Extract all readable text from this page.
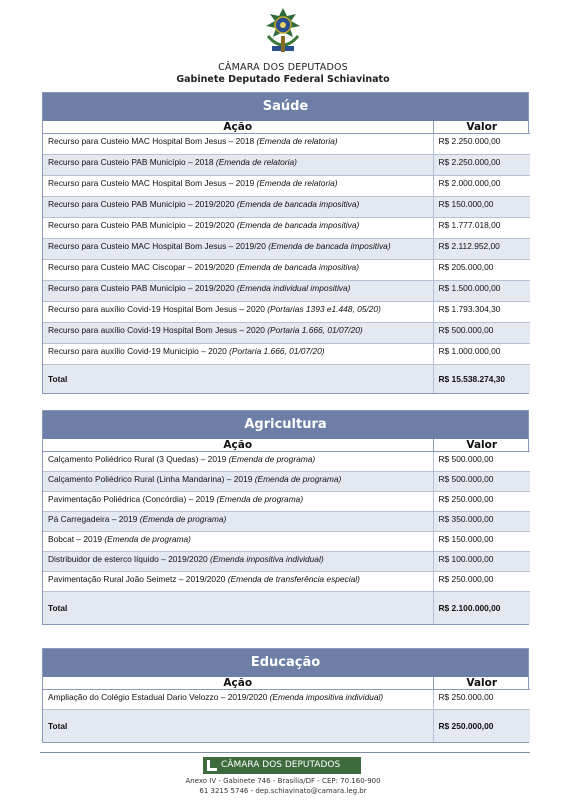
CÂMARA DOS DEPUTADOS
Gabinete Deputado Federal Schiavinato
Saúde
Ação	Valor
Recurso para Custeio MAC Hospital Bom Jesus – 2018 (Emenda de relatoria)	R$ 2.250.000,00
Recurso para Custeio PAB Município – 2018 (Emenda de relatoria)	R$ 2.250.000,00
Recurso para Custeio MAC Hospital Bom Jesus – 2019 (Emenda de relatoria)	R$ 2.000.000,00
Recurso para Custeio PAB Município – 2019/2020 (Emenda de bancada impositiva)	R$ 150.000,00
Recurso para Custeio PAB Município – 2019/2020 (Emenda de bancada impositiva)	R$ 1.777.018,00
Recurso para Custeio MAC Hospital Bom Jesus – 2019/20 (Emenda de bancada impositiva)	R$ 2.112.952,00
Recurso para Custeio MAC Ciscopar – 2019/2020 (Emenda de bancada impositiva)	R$ 205.000,00
Recurso para Custeio PAB Município – 2019/2020 (Emenda individual impositiva)	R$ 1.500.000,00
Recurso para auxílio Covid-19 Hospital Bom Jesus – 2020 (Portarias 1393 e1.448, 05/20)	R$ 1.793.304,30
Recurso para auxílio Covid-19 Hospital Bom Jesus – 2020 (Portaria 1.666, 01/07/20)	R$ 500.000,00
Recurso para auxílio Covid-19 Município – 2020 (Portaria 1.666, 01/07/20)	R$ 1.000.000,00
Total	R$ 15.538.274,30
Agricultura
Ação	Valor
Calçamento Poliédrico Rural (3 Quedas) – 2019 (Emenda de programa)	R$ 500.000,00
Calçamento Poliédrico Rural (Linha Mandarina) – 2019 (Emenda de programa)	R$ 500.000,00
Pavimentação Poliédrica (Concórdia) – 2019 (Emenda de programa)	R$ 250.000,00
Pá Carregadeira – 2019 (Emenda de programa)	R$ 350.000,00
Bobcat – 2019 (Emenda de programa)	R$ 150.000,00
Distribuidor de esterco líquido – 2019/2020 (Emenda impositiva individual)	R$ 100.000,00
Pavimentação Rural João Seimetz – 2019/2020 (Emenda de transferência especial)	R$ 250.000,00
Total	R$ 2.100.000,00
Educação
Ação	Valor
Ampliação do Colégio Estadual Dario Velozzo – 2019/2020 (Emenda impositiva individual)	R$ 250.000,00
Total	R$ 250.000,00
CÂMARA DOS DEPUTADOS
Anexo IV - Gabinete 746 - Brasília/DF - CEP: 70.160-900
61 3215 5746 - dep.schiavinato@camara.leg.br
